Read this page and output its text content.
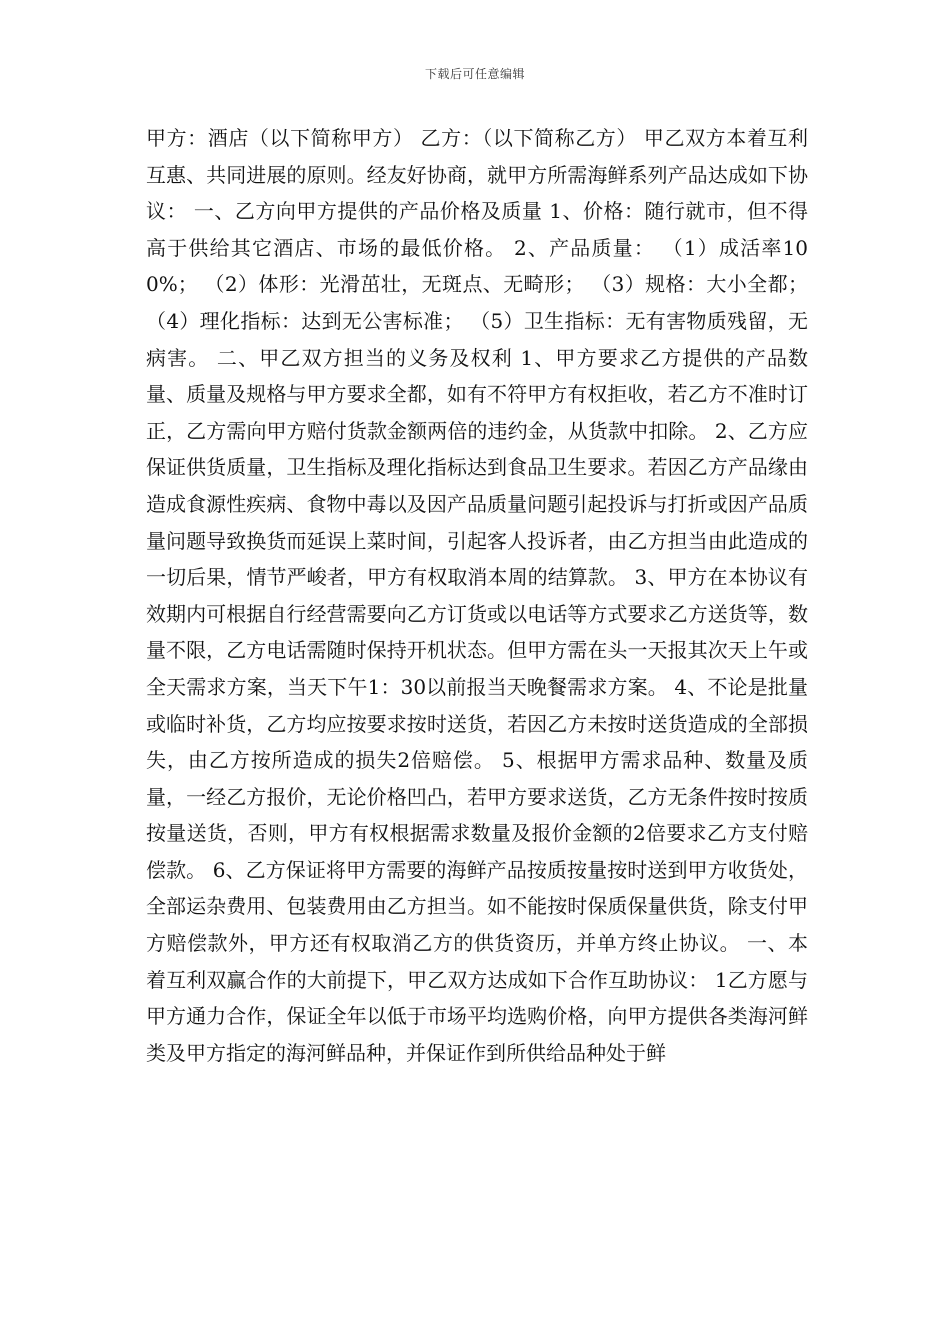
下载后可任意编辑

甲方：酒店（以下简称甲方） 乙方：（以下简称乙方） 甲乙双方本着互利互惠、共同进展的原则。经友好协商，就甲方所需海鲜系列产品达成如下协议： 一、乙方向甲方提供的产品价格及质量 1、价格：随行就市，但不得高于供给其它酒店、市场的最低价格。 2、产品质量： （1）成活率100%； （2）体形：光滑茁壮，无斑点、无畸形； （3）规格：大小全都； （4）理化指标：达到无公害标准； （5）卫生指标：无有害物质残留，无病害。 二、甲乙双方担当的义务及权利 1、甲方要求乙方提供的产品数量、质量及规格与甲方要求全都，如有不符甲方有权拒收，若乙方不准时订正，乙方需向甲方赔付货款金额两倍的违约金，从货款中扣除。 2、乙方应保证供货质量，卫生指标及理化指标达到食品卫生要求。若因乙方产品缘由造成食源性疾病、食物中毒以及因产品质量问题引起投诉与打折或因产品质量问题导致换货而延误上菜时间，引起客人投诉者，由乙方担当由此造成的一切后果，情节严峻者，甲方有权取消本周的结算款。 3、甲方在本协议有效期内可根据自行经营需要向乙方订货或以电话等方式要求乙方送货等，数量不限，乙方电话需随时保持开机状态。但甲方需在头一天报其次天上午或全天需求方案，当天下午1：30以前报当天晚餐需求方案。 4、不论是批量或临时补货，乙方均应按要求按时送货，若因乙方未按时送货造成的全部损失，由乙方按所造成的损失2倍赔偿。 5、根据甲方需求品种、数量及质量，一经乙方报价，无论价格凹凸，若甲方要求送货，乙方无条件按时按质按量送货，否则，甲方有权根据需求数量及报价金额的2倍要求乙方支付赔偿款。 6、乙方保证将甲方需要的海鲜产品按质按量按时送到甲方收货处，全部运杂费用、包装费用由乙方担当。如不能按时保质保量供货，除支付甲方赔偿款外，甲方还有权取消乙方的供货资历，并单方终止协议。 一、本着互利双赢合作的大前提下，甲乙双方达成如下合作互助协议： 1乙方愿与甲方通力合作，保证全年以低于市场平均选购价格，向甲方提供各类海河鲜类及甲方指定的海河鲜品种，并保证作到所供给品种处于鲜
